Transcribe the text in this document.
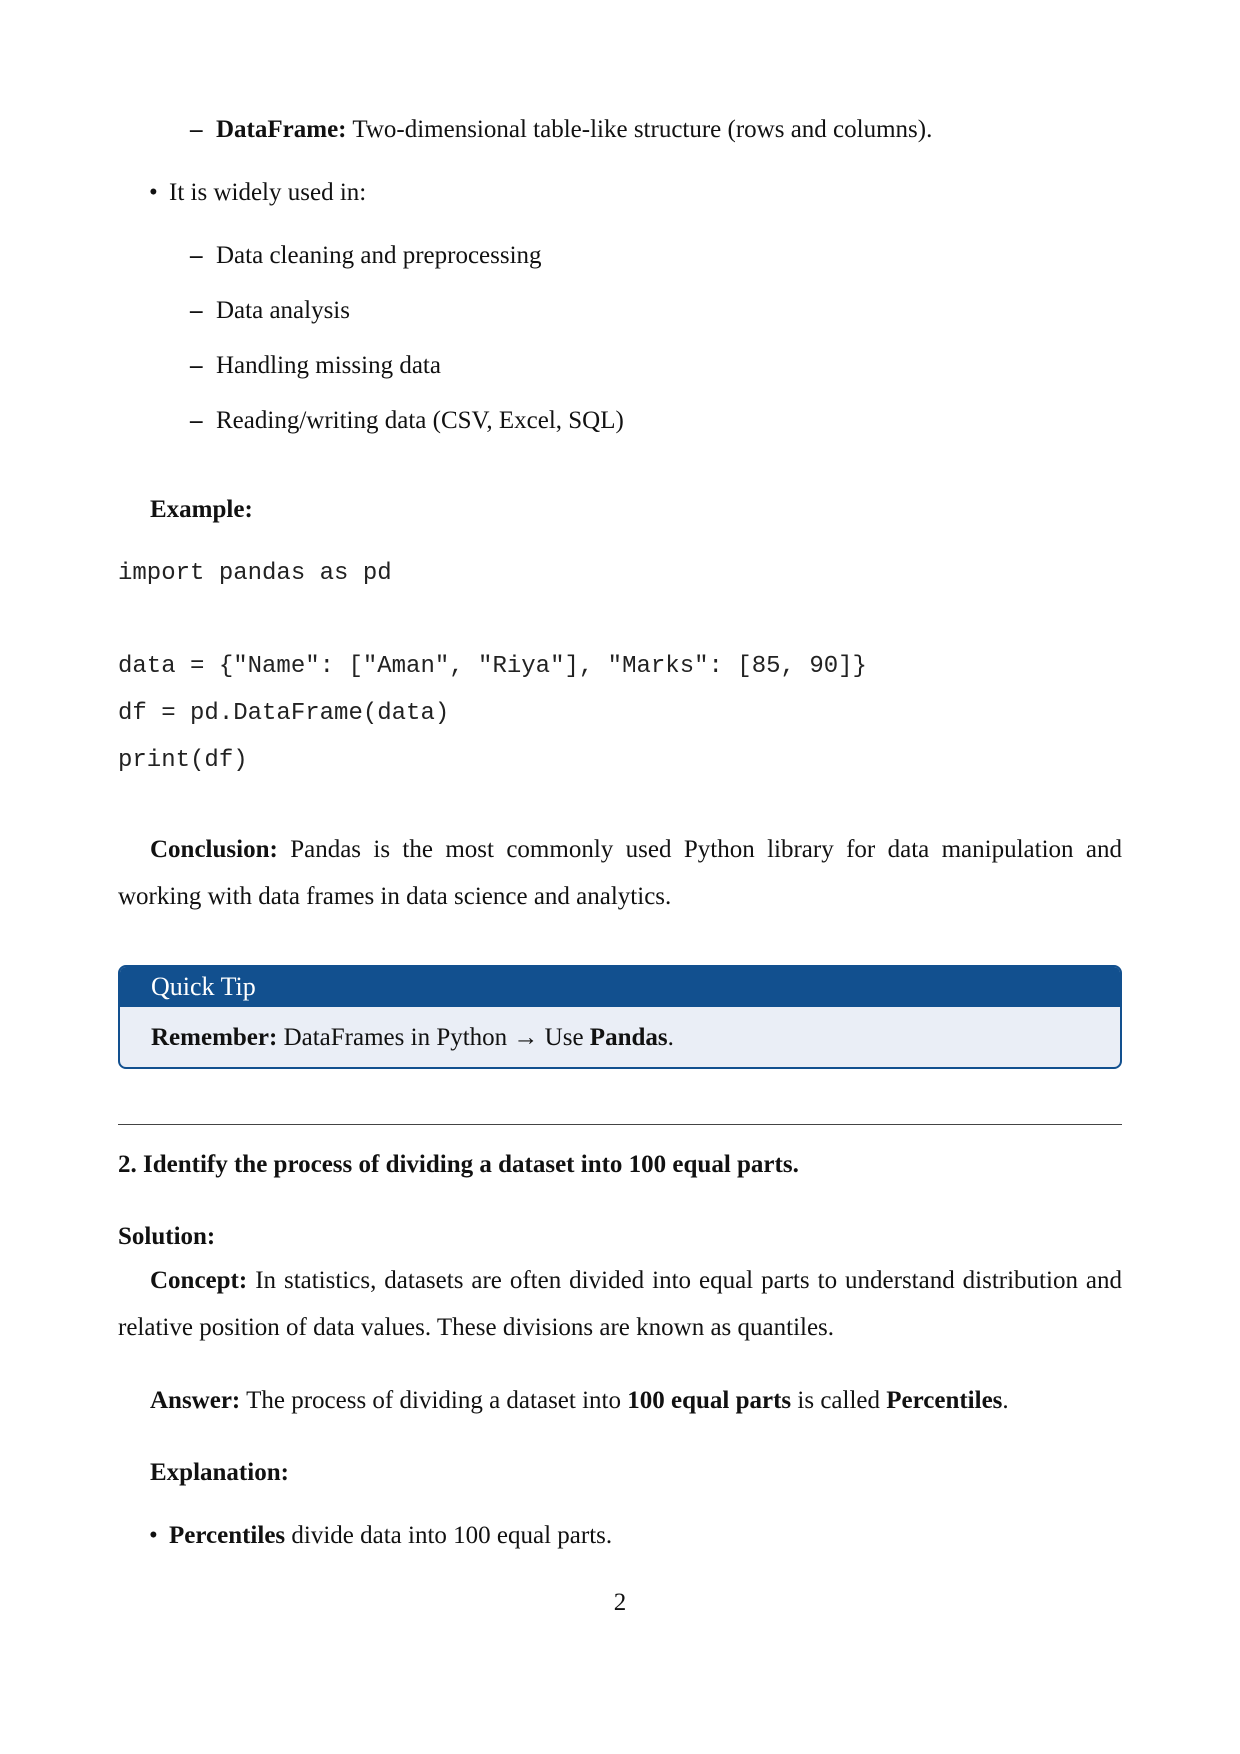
– DataFrame: Two-dimensional table-like structure (rows and columns).
• It is widely used in:
– Data cleaning and preprocessing
– Data analysis
– Handling missing data
– Reading/writing data (CSV, Excel, SQL)
Example:
import pandas as pd
data = {"Name": ["Aman", "Riya"], "Marks": [85, 90]}
df = pd.DataFrame(data)
print(df)
Conclusion: Pandas is the most commonly used Python library for data manipulation and working with data frames in data science and analytics.
Quick Tip
Remember: DataFrames in Python → Use Pandas.
2. Identify the process of dividing a dataset into 100 equal parts.
Solution:
Concept: In statistics, datasets are often divided into equal parts to understand distribution and relative position of data values. These divisions are known as quantiles.
Answer: The process of dividing a dataset into 100 equal parts is called Percentiles.
Explanation:
• Percentiles divide data into 100 equal parts.
2
